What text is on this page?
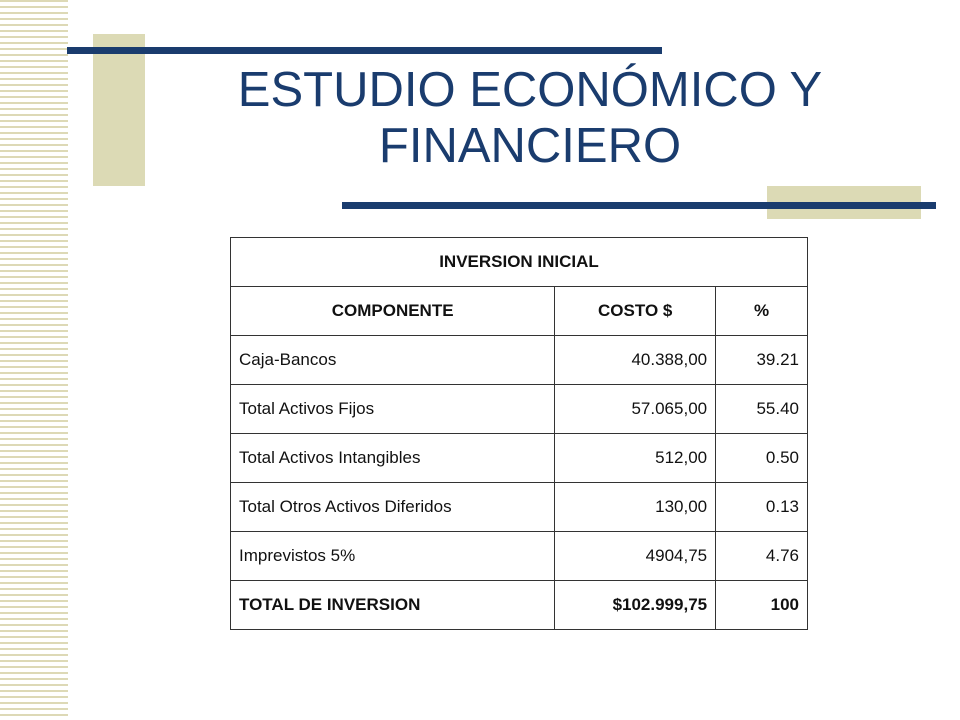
ESTUDIO ECONÓMICO Y
FINANCIERO
INVERSION INICIAL		
COMPONENTE	COSTO $	%
Caja-Bancos	40.388,00	39.21
Total Activos Fijos	57.065,00	55.40
Total Activos Intangibles	512,00	0.50
Total Otros Activos Diferidos	130,00	0.13
Imprevistos 5%	4904,75	4.76
TOTAL DE INVERSION	$102.999,75	100
